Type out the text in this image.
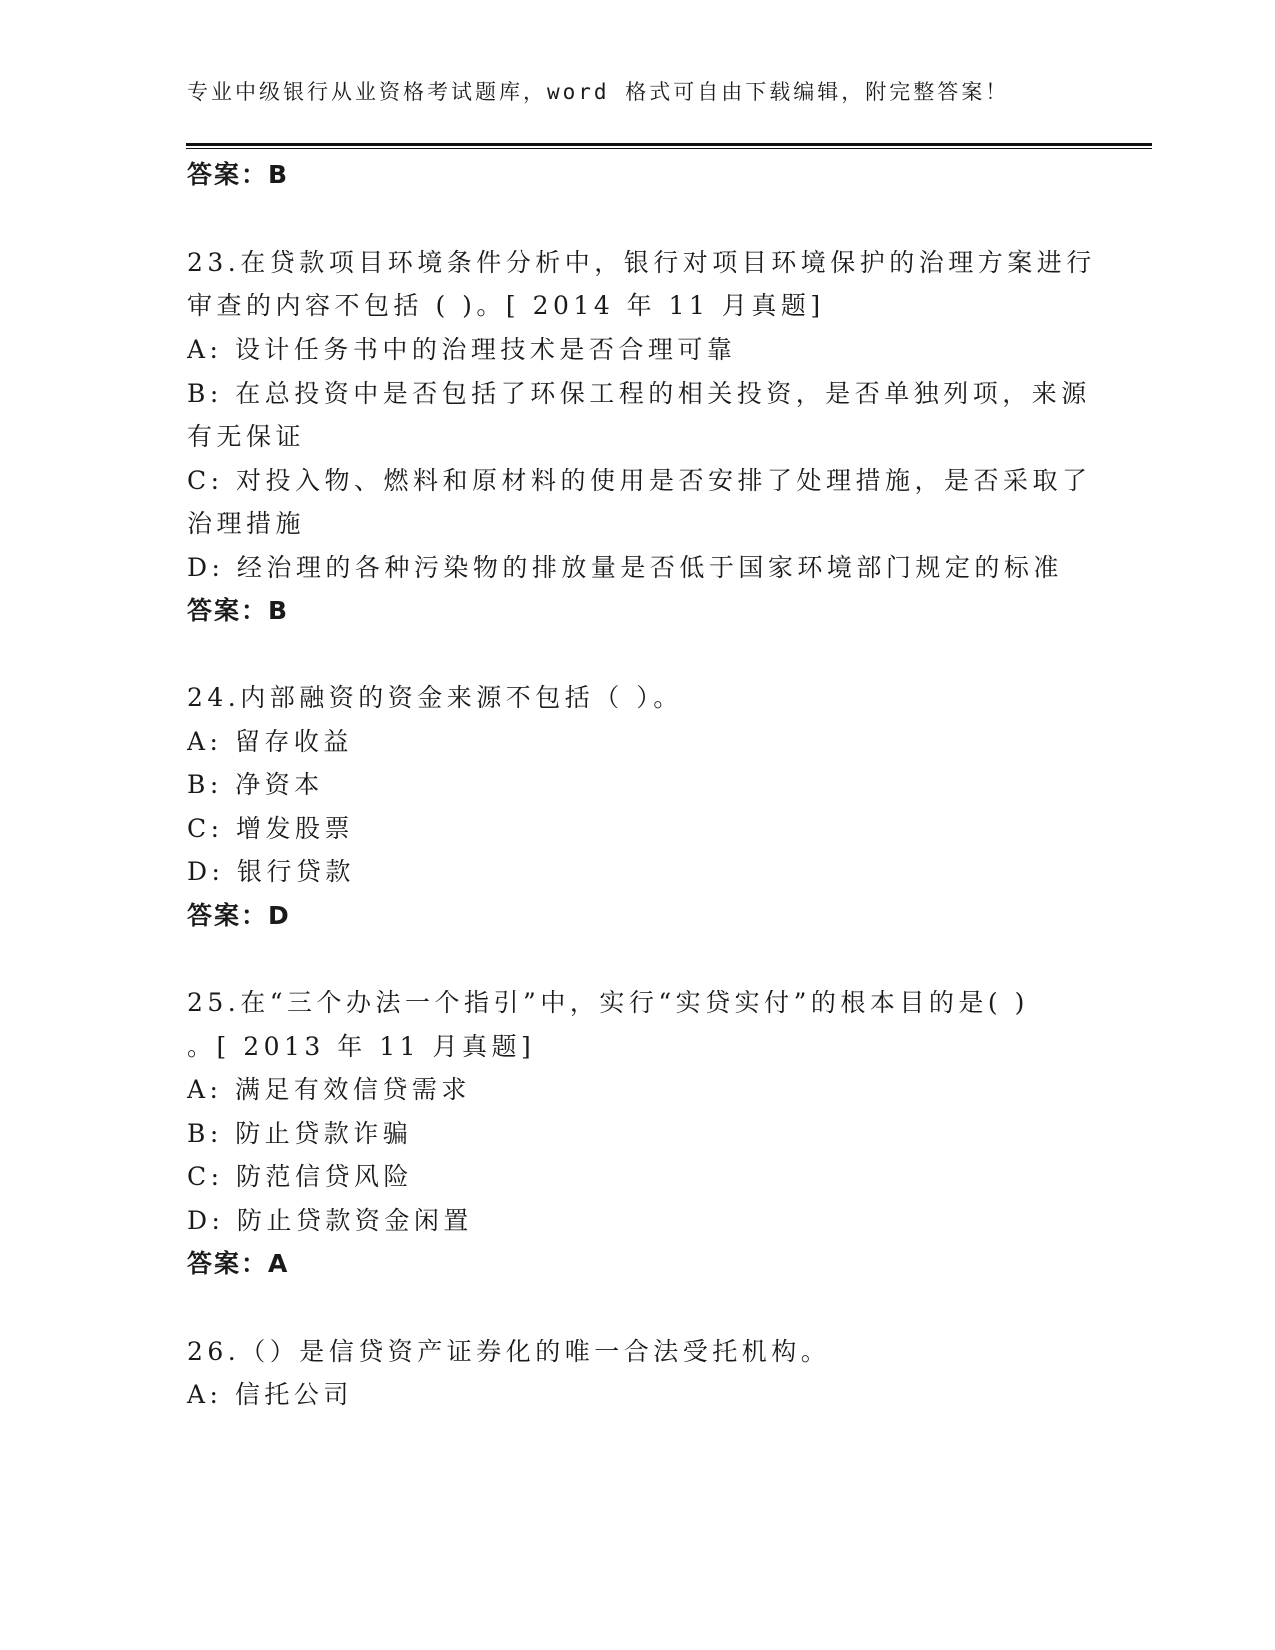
专业中级银行从业资格考试题库，word 格式可自由下载编辑，附完整答案！
答案：B
23.在贷款项目环境条件分析中，银行对项目环境保护的治理方案进行
审查的内容不包括 ( )。[ 2014 年 11 月真题]
A: 设计任务书中的治理技术是否合理可靠
B: 在总投资中是否包括了环保工程的相关投资，是否单独列项，来源
有无保证
C: 对投入物、燃料和原材料的使用是否安排了处理措施，是否采取了
治理措施
D: 经治理的各种污染物的排放量是否低于国家环境部门规定的标准
答案：B
24.内部融资的资金来源不包括（ ）。
A: 留存收益
B: 净资本
C: 增发股票
D: 银行贷款
答案：D
25.在“三个办法一个指引”中，实行“实贷实付”的根本目的是( )
。[ 2013 年 11 月真题]
A: 满足有效信贷需求
B: 防止贷款诈骗
C: 防范信贷风险
D: 防止贷款资金闲置
答案：A
26.（）是信贷资产证券化的唯一合法受托机构。
A: 信托公司
